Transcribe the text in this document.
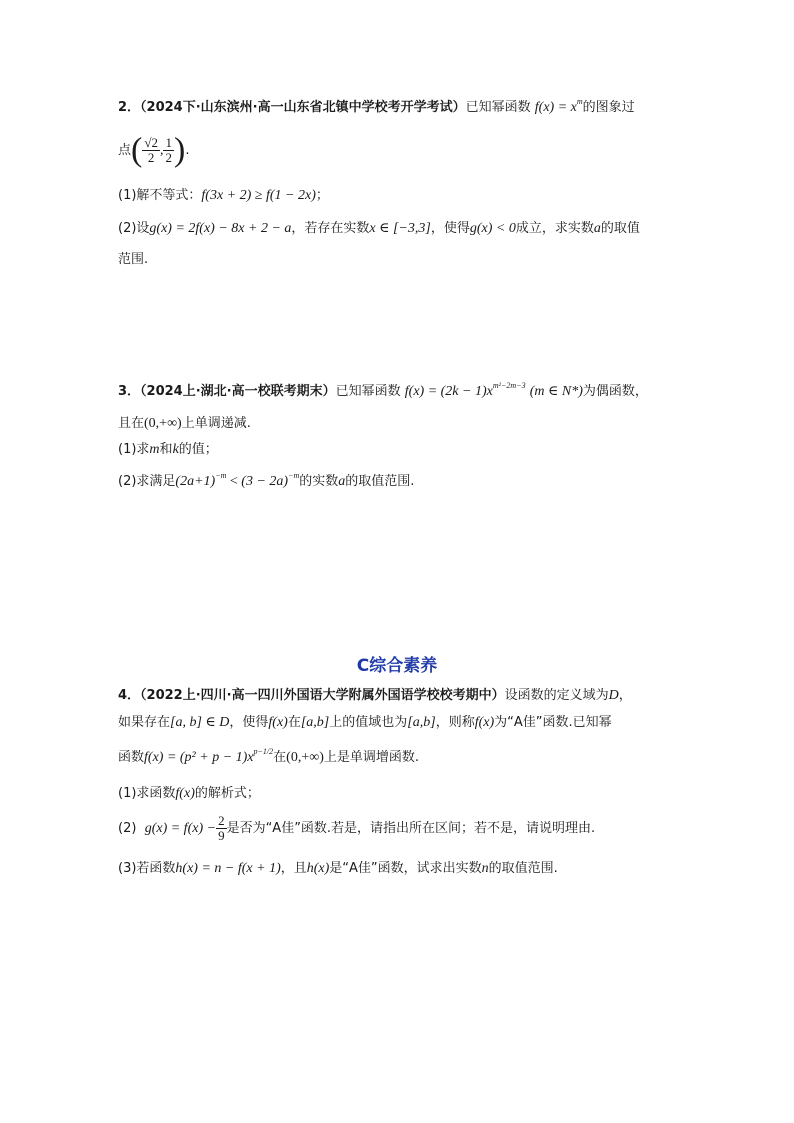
2．（2024下·山东滨州·高一山东省北镇中学校考开学考试）已知幂函数 $f(x) = x^m$的图象过
点( $\frac{√2}{2}$ , $\frac{1}{2}$ ).
(1)解不等式：f(3x + 2) ≥ f(1 − 2x)；
(2)设g(x) = 2f(x) − 8x + 2 − a，若存在实数x ∈ [−3,3]，使得g(x) < 0成立，求实数a的取值
范围.
3．（2024上·湖北·高一校联考期末）已知幂函数 $f(x) = (2k - 1)x^{m^2-2m-3}$ (m ∈ N*)为偶函数，
且在(0,+∞)上单调递减.
(1)求m和k的值；
(2)求满足$(2a+1)^{-m} < (3 - 2a)^{-m}$的实数a的取值范围.
C综合素养
4．（2022上·四川·高一四川外国语大学附属外国语学校校考期中）设函数的定义域为D，
如果存在[a, b] ∈ D，使得f(x)在[a,b]上的值域也为[a,b]，则称f(x)为“A佳”函数.已知幂
函数$f(x) = (p^2 + p - 1)x^{p-1/2}$在(0,+∞)上是单调增函数.
(1)求函数f(x)的解析式；
(2) $g(x) = f(x) - \frac{2}{9}$ 是否为“A佳”函数.若是，请指出所在区间；若不是，请说明理由.
(3)若函数h(x) = n − f(x + 1)，且h(x)是“A佳”函数，试求出实数n的取值范围.
